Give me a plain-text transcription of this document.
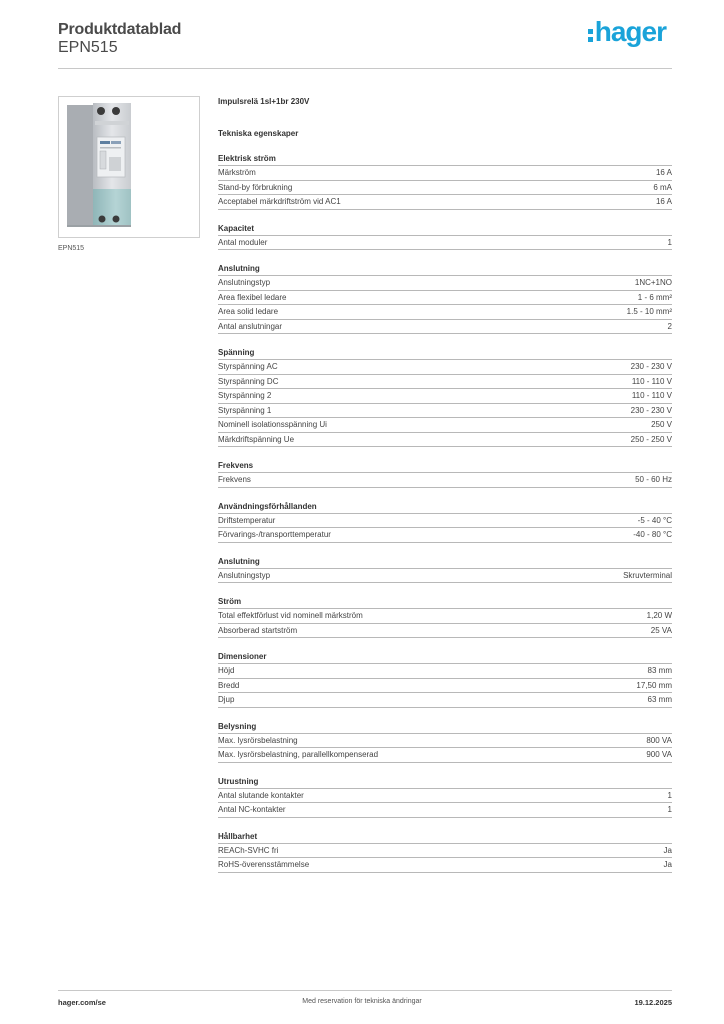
Produktdatablad
EPN515
hager
EPN515
Impulsrelä 1sl+1br 230V
Tekniska egenskaper
Elektrisk ström
Märkström	16 A
Stand-by förbrukning	6 mA
Acceptabel märkdriftström vid AC1	16 A
Kapacitet
Antal moduler	1
Anslutning
Anslutningstyp	1NC+1NO
Area flexibel ledare	1 - 6 mm²
Area solid ledare	1.5 - 10 mm²
Antal anslutningar	2
Spänning
Styrspänning AC	230 - 230 V
Styrspänning DC	110 - 110 V
Styrspänning 2	110 - 110 V
Styrspänning 1	230 - 230 V
Nominell isolationsspänning Ui	250 V
Märkdriftspänning Ue	250 - 250 V
Frekvens
Frekvens	50 - 60 Hz
Användningsförhållanden
Driftstemperatur	-5 - 40 °C
Förvarings-/transporttemperatur	-40 - 80 °C
Anslutning
Anslutningstyp	Skruvterminal
Ström
Total effektförlust vid nominell märkström	1,20 W
Absorberad startström	25 VA
Dimensioner
Höjd	83 mm
Bredd	17,50 mm
Djup	63 mm
Belysning
Max. lysrörsbelastning	800 VA
Max. lysrörsbelastning, parallellkompenserad	900 VA
Utrustning
Antal slutande kontakter	1
Antal NC-kontakter	1
Hållbarhet
REACh-SVHC fri	Ja
RoHS-överensstämmelse	Ja
hager.com/se	Med reservation för tekniska ändringar	19.12.2025
